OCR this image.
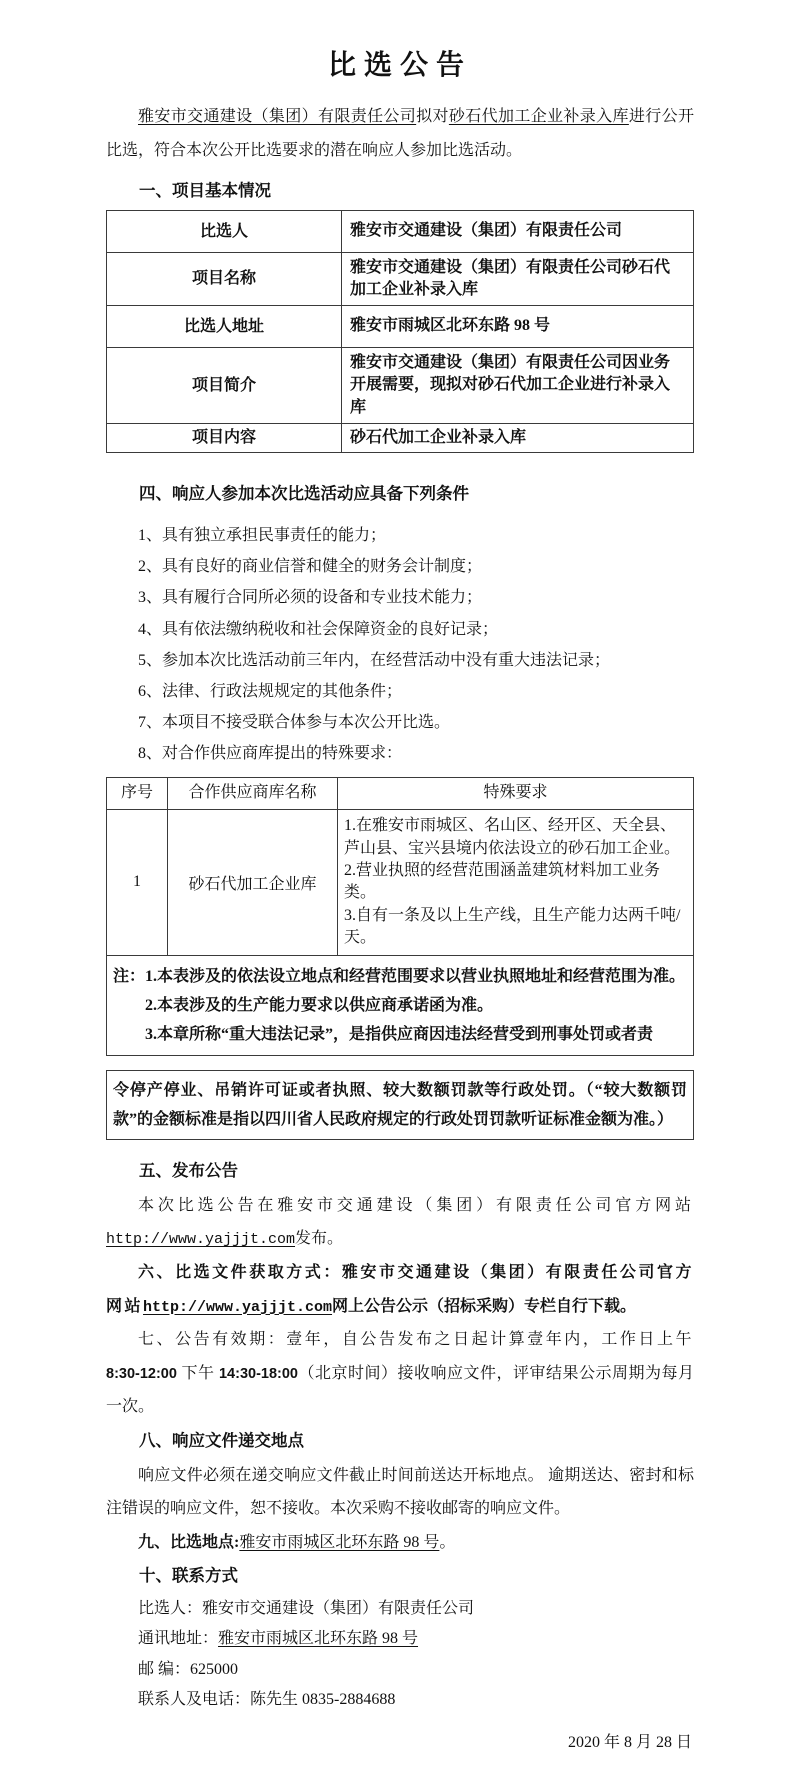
比选公告

雅安市交通建设（集团）有限责任公司拟对砂石代加工企业补录入库进行公开比选，符合本次公开比选要求的潜在响应人参加比选活动。

一、项目基本情况

比选人	雅安市交通建设（集团）有限责任公司
项目名称	雅安市交通建设（集团）有限责任公司砂石代加工企业补录入库
比选人地址	雅安市雨城区北环东路 98 号
项目简介	雅安市交通建设（集团）有限责任公司因业务开展需要，现拟对砂石代加工企业进行补录入库
项目内容	砂石代加工企业补录入库

四、响应人参加本次比选活动应具备下列条件

1、具有独立承担民事责任的能力；

2、具有良好的商业信誉和健全的财务会计制度；

3、具有履行合同所必须的设备和专业技术能力；

4、具有依法缴纳税收和社会保障资金的良好记录；

5、参加本次比选活动前三年内，在经营活动中没有重大违法记录；

6、法律、行政法规规定的其他条件；

7、本项目不接受联合体参与本次公开比选。

8、对合作供应商库提出的特殊要求：

序号	合作供应商库名称	特殊要求
1	砂石代加工企业库	1.在雅安市雨城区、名山区、经开区、天全县、芦山县、宝兴县境内依法设立的砂石加工企业。
2.营业执照的经营范围涵盖建筑材料加工业务类。
3.自有一条及以上生产线，且生产能力达两千吨/天。

注：1.本表涉及的依法设立地点和经营范围要求以营业执照地址和经营范围为准。
2.本表涉及的生产能力要求以供应商承诺函为准。
3.本章所称“重大违法记录”，是指供应商因违法经营受到刑事处罚或者责		
令停产停业、吊销许可证或者执照、较大数额罚款等行政处罚。（“较大数额罚款”的金额标准是指以四川省人民政府规定的行政处罚罚款听证标准金额为准。）

五、发布公告

本次比选公告在雅安市交通建设（集团）有限责任公司官方网站http://www.yajjjt.com发布。

六、比选文件获取方式：雅安市交通建设（集团）有限责任公司官方网站http://www.yajjjt.com网上公告公示（招标采购）专栏自行下载。

七、公告有效期：壹年，自公告发布之日起计算壹年内，工作日上午8:30-12:00 下午 14:30-18:00（北京时间）接收响应文件，评审结果公示周期为每月一次。

八、响应文件递交地点

响应文件必须在递交响应文件截止时间前送达开标地点。 逾期送达、密封和标注错误的响应文件，恕不接收。本次采购不接收邮寄的响应文件。

九、比选地点:雅安市雨城区北环东路 98 号。

十、联系方式

比选人：雅安市交通建设（集团）有限责任公司

通讯地址：雅安市雨城区北环东路 98 号

邮 编：625000

联系人及电话：陈先生 0835-2884688

2020 年 8 月 28 日
